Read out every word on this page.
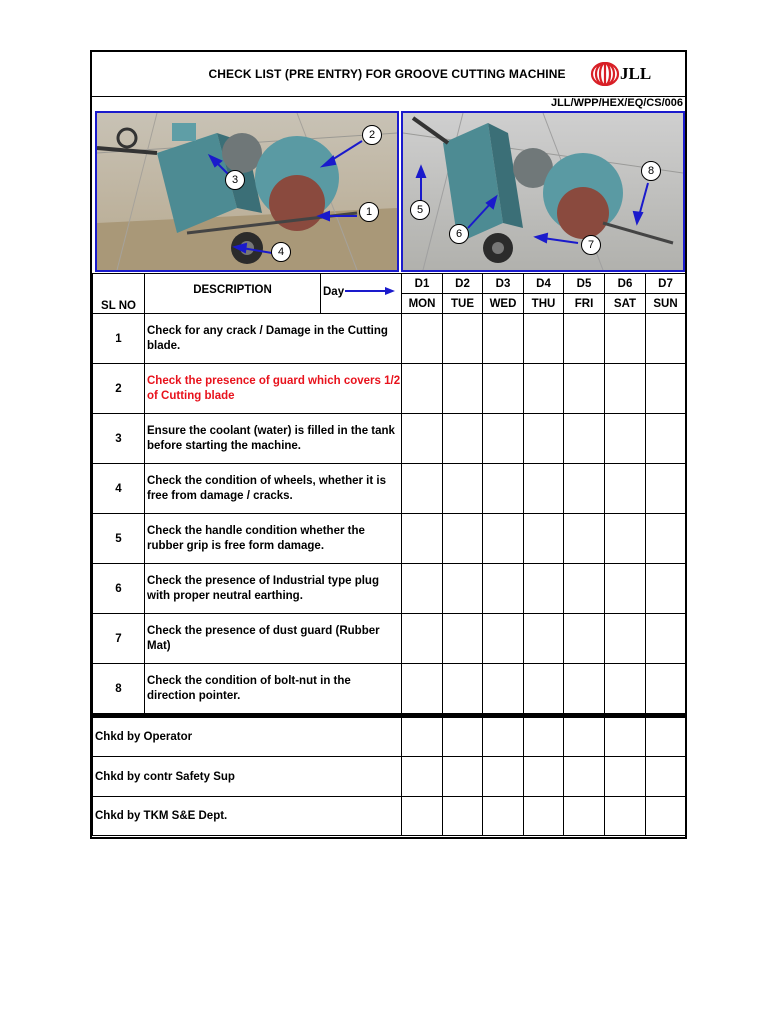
CHECK LIST (PRE ENTRY) FOR GROOVE CUTTING MACHINE	JLL
JLL/WPP/HEX/EQ/CS/006
2
3
1
4
8
5
6
7
SL NO	DESCRIPTION	Day	D1	D2	D3	D4	D5	D6	D7
			MON	TUE	WED	THU	FRI	SAT	SUN
1	Check for any crack / Damage in the Cutting blade.								
2	Check the presence of guard which covers 1/2 of Cutting blade								
3	Ensure the coolant (water) is filled in the tank before starting the machine.								
4	Check the condition of wheels, whether it is free from damage / cracks.								
5	Check the handle condition whether the rubber grip is free form damage.								
6	Check the presence of Industrial type plug with proper neutral earthing.								
7	Check the presence of dust guard (Rubber Mat)								
8	Check the condition of bolt-nut in the direction pointer.								

Chkd by Operator									
Chkd by contr Safety Sup									
Chkd by TKM S&E Dept.									
